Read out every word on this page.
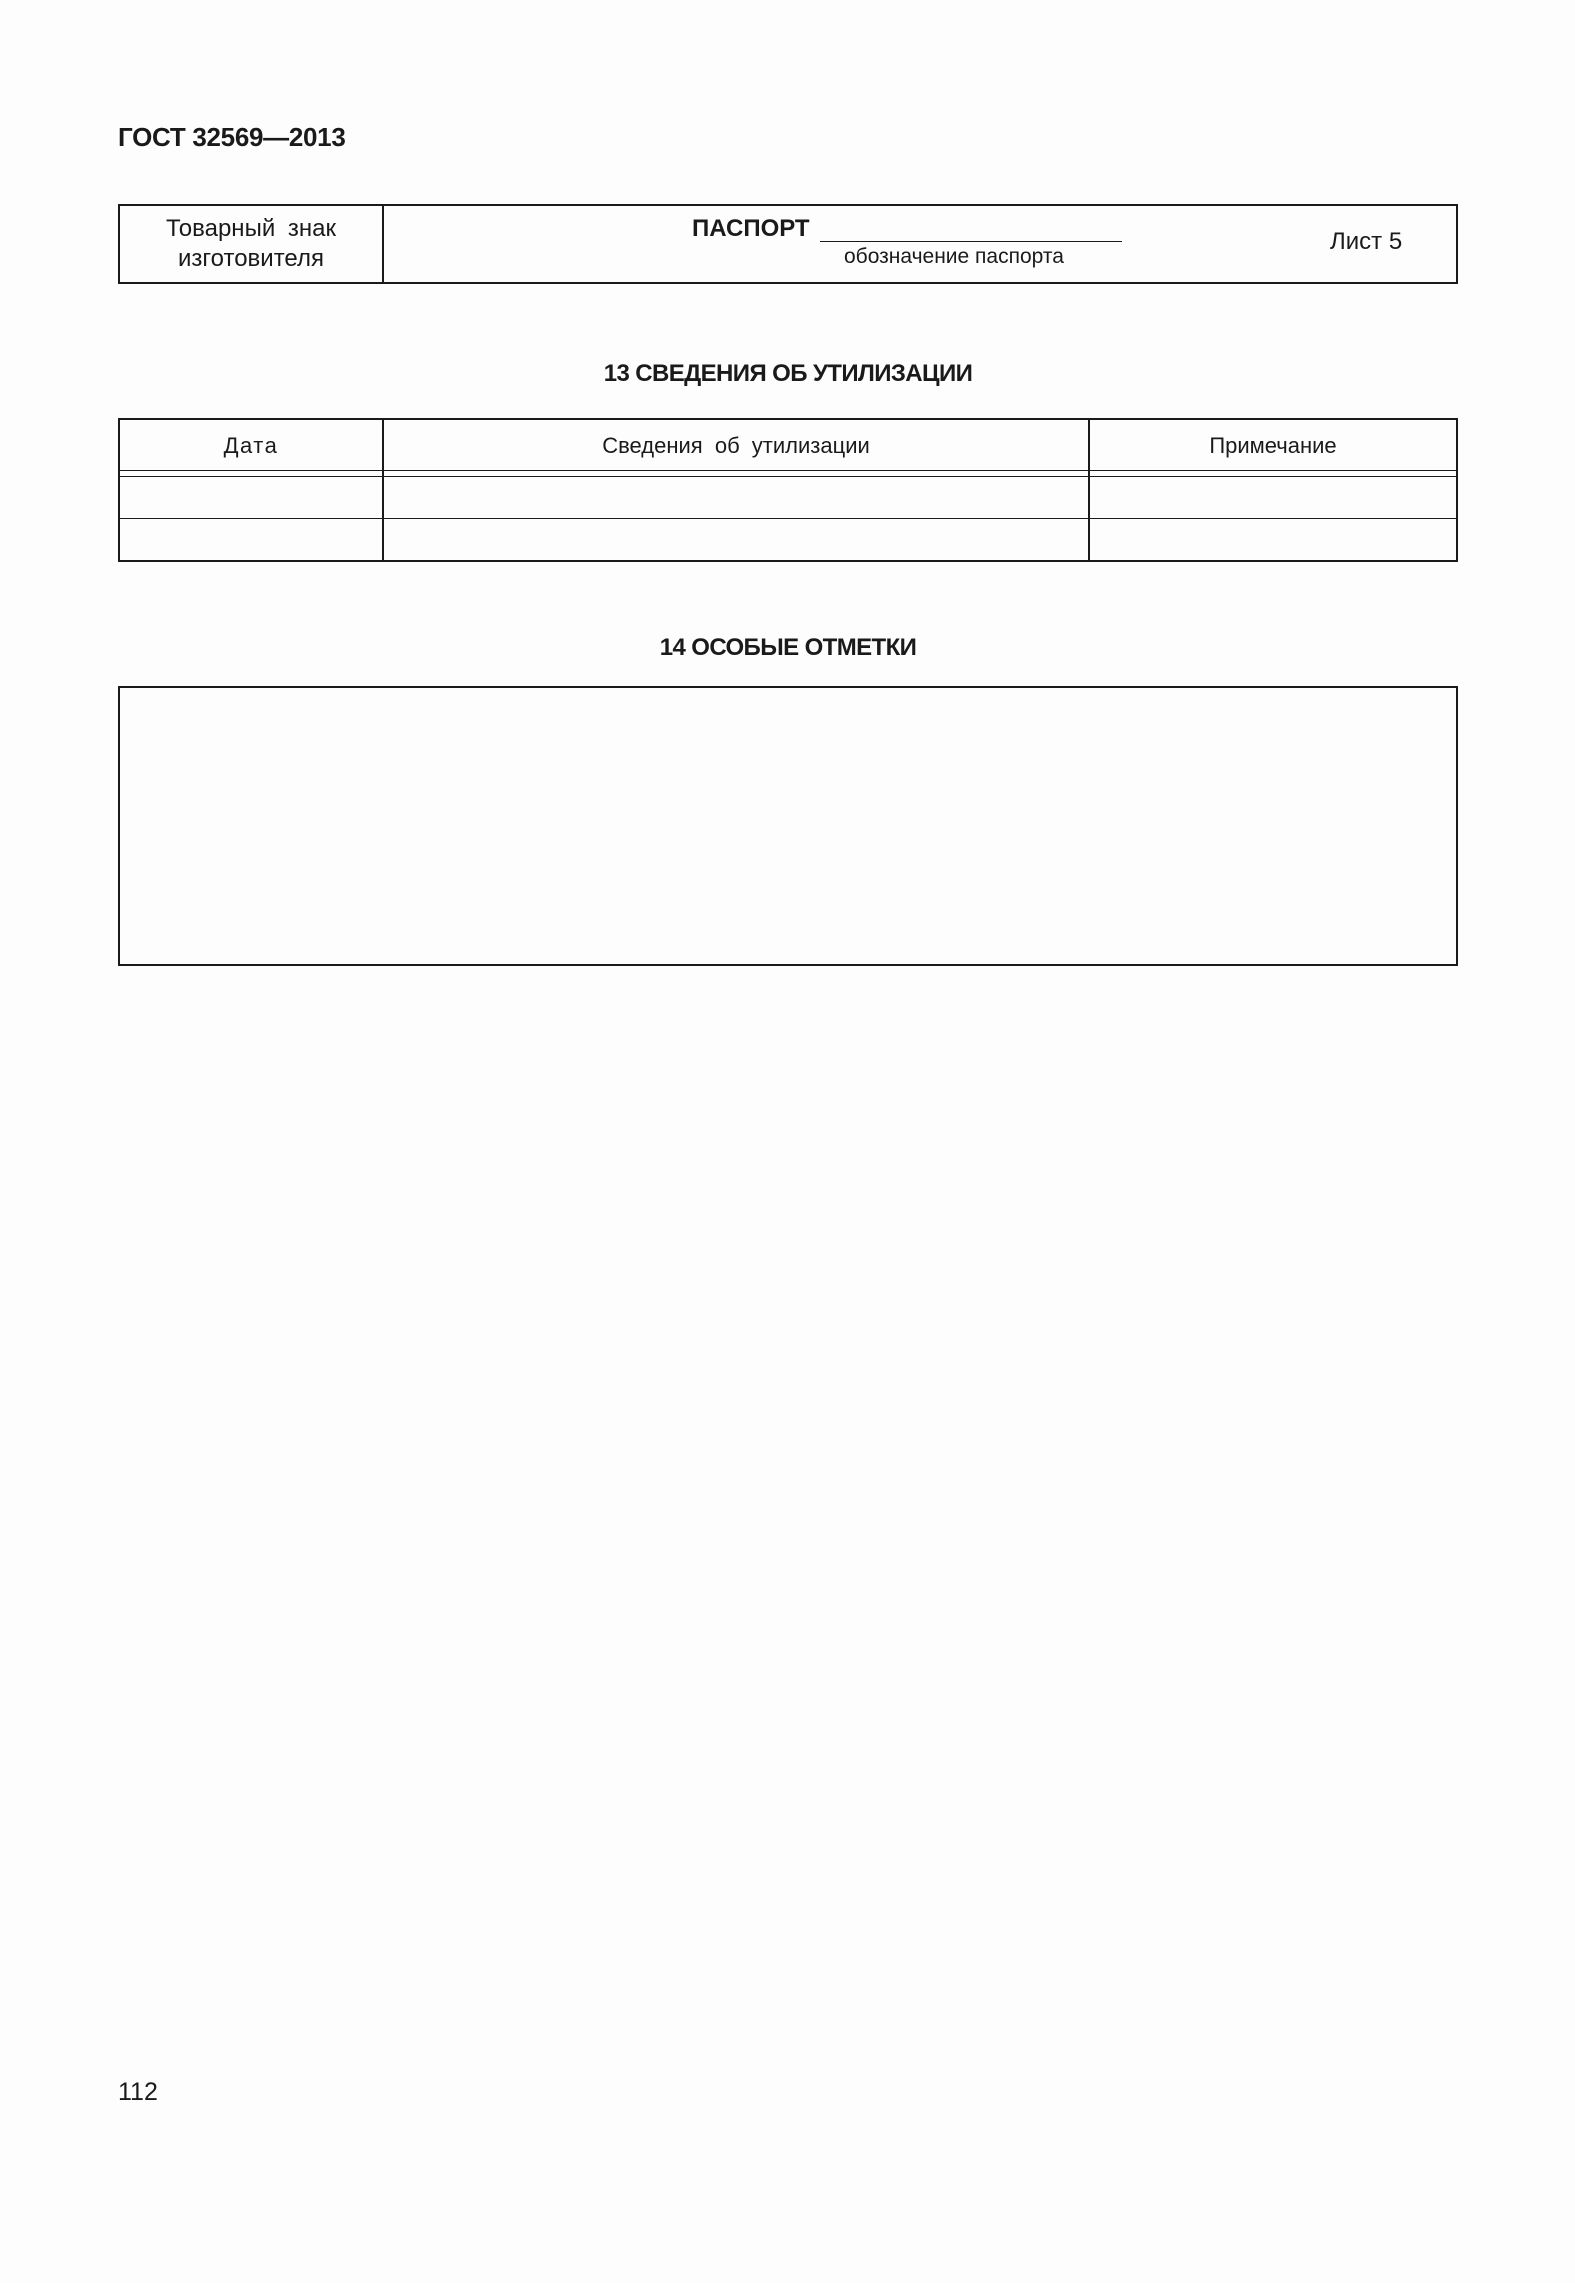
ГОСТ 32569—2013
Товарный знак
изготовителя
ПАСПОРТ
обозначение паспорта
Лист 5
13 СВЕДЕНИЯ ОБ УТИЛИЗАЦИИ
Дата	Сведения об утилизации	Примечание
14 ОСОБЫЕ ОТМЕТКИ
112
